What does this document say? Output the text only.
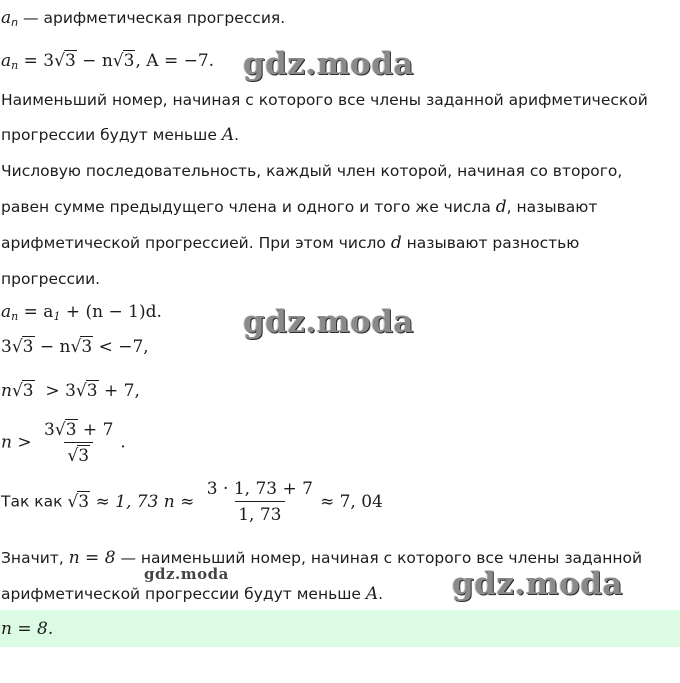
$a_n$ — арифметическая прогрессия.
$a_n = 3√3 - n√3$, A = −7.
Наименьший номер, начиная с которого все члены заданной арифметической
прогрессии будут меньше A.
Числовую последовательность, каждый член которой, начиная со второго,
равен сумме предыдущего члена и одного и того же числа d, называют
арифметической прогрессией. При этом число d называют разностью
прогрессии.
$a_n = a_1 + (n - 1)d$.
3√3 − n√3 < −7,
n√3  > 3√3 + 7,
$n > \frac{3√3 + 7}{√3}$ .
Так как √3 ≈ 1, 73 $n \approx \frac{3 \cdot 1, 73 + 7}{1, 73} \approx 7$, 04
Значит, n = 8 — наименьший номер, начиная с которого все члены заданной
арифметической прогрессии будут меньше A.
n = 8.
gdz.moda
gdz.moda
gdz.moda
gdz.moda
